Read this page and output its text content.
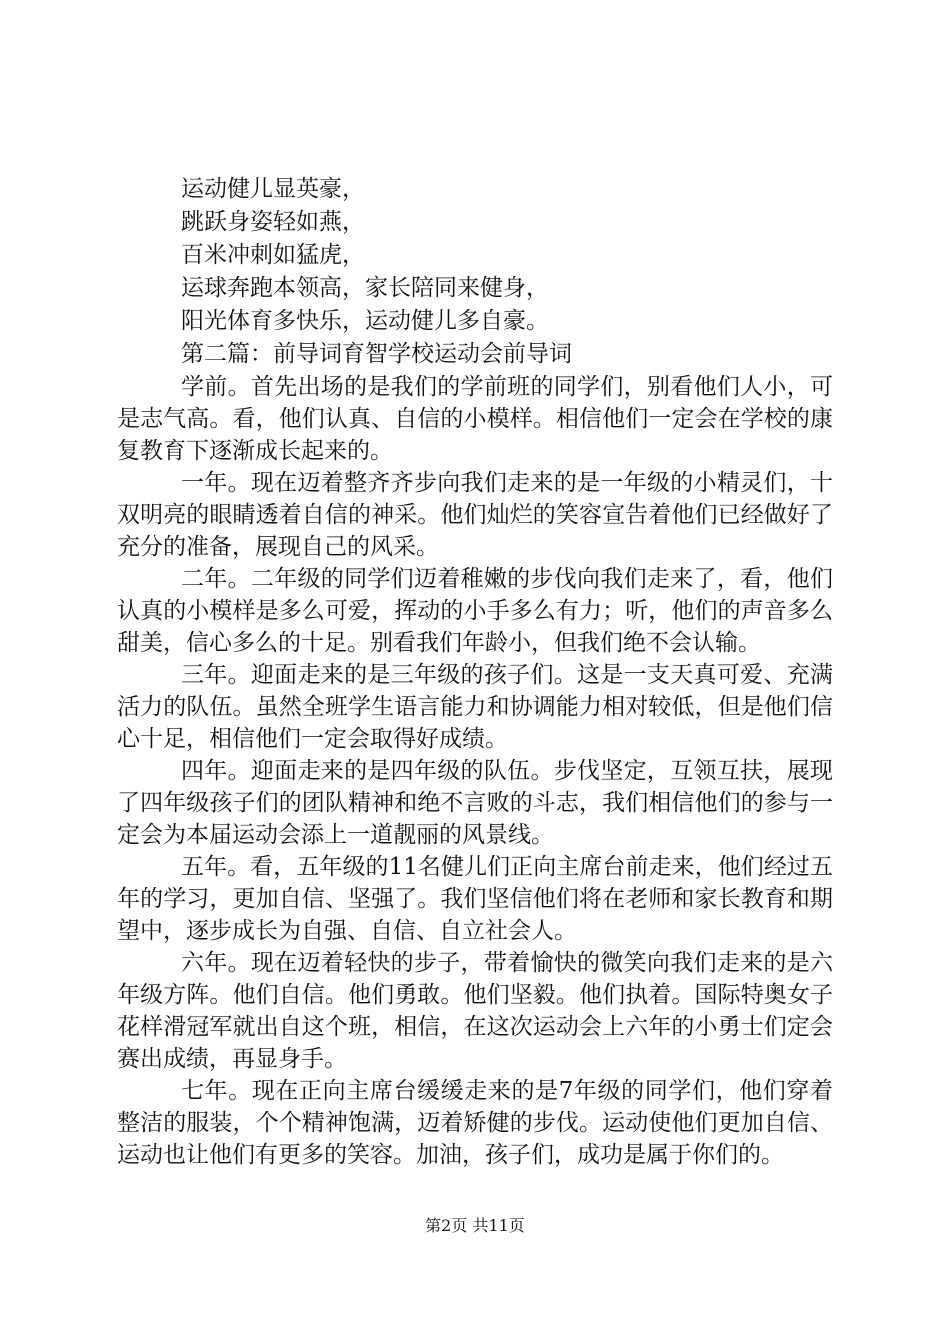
运动健儿显英豪，
跳跃身姿轻如燕，
百米冲刺如猛虎，
运球奔跑本领高，家长陪同来健身，
阳光体育多快乐，运动健儿多自豪。
第二篇：前导词育智学校运动会前导词

学前。首先出场的是我们的学前班的同学们，别看他们人小，可是志气高。看，他们认真、自信的小模样。相信他们一定会在学校的康复教育下逐渐成长起来的。

一年。现在迈着整齐齐步向我们走来的是一年级的小精灵们，十双明亮的眼睛透着自信的神采。他们灿烂的笑容宣告着他们已经做好了充分的准备，展现自己的风采。

二年。二年级的同学们迈着稚嫩的步伐向我们走来了，看，他们认真的小模样是多么可爱，挥动的小手多么有力；听，他们的声音多么甜美，信心多么的十足。别看我们年龄小，但我们绝不会认输。

三年。迎面走来的是三年级的孩子们。这是一支天真可爱、充满活力的队伍。虽然全班学生语言能力和协调能力相对较低，但是他们信心十足，相信他们一定会取得好成绩。

四年。迎面走来的是四年级的队伍。步伐坚定，互领互扶，展现了四年级孩子们的团队精神和绝不言败的斗志，我们相信他们的参与一定会为本届运动会添上一道靓丽的风景线。

五年。看，五年级的11名健儿们正向主席台前走来，他们经过五年的学习，更加自信、坚强了。我们坚信他们将在老师和家长教育和期望中，逐步成长为自强、自信、自立社会人。

六年。现在迈着轻快的步子，带着愉快的微笑向我们走来的是六年级方阵。他们自信。他们勇敢。他们坚毅。他们执着。国际特奥女子花样滑冠军就出自这个班，相信，在这次运动会上六年的小勇士们定会赛出成绩，再显身手。

七年。现在正向主席台缓缓走来的是7年级的同学们，他们穿着整洁的服装，个个精神饱满，迈着矫健的步伐。运动使他们更加自信、运动也让他们有更多的笑容。加油，孩子们，成功是属于你们的。

第2页 共11页
